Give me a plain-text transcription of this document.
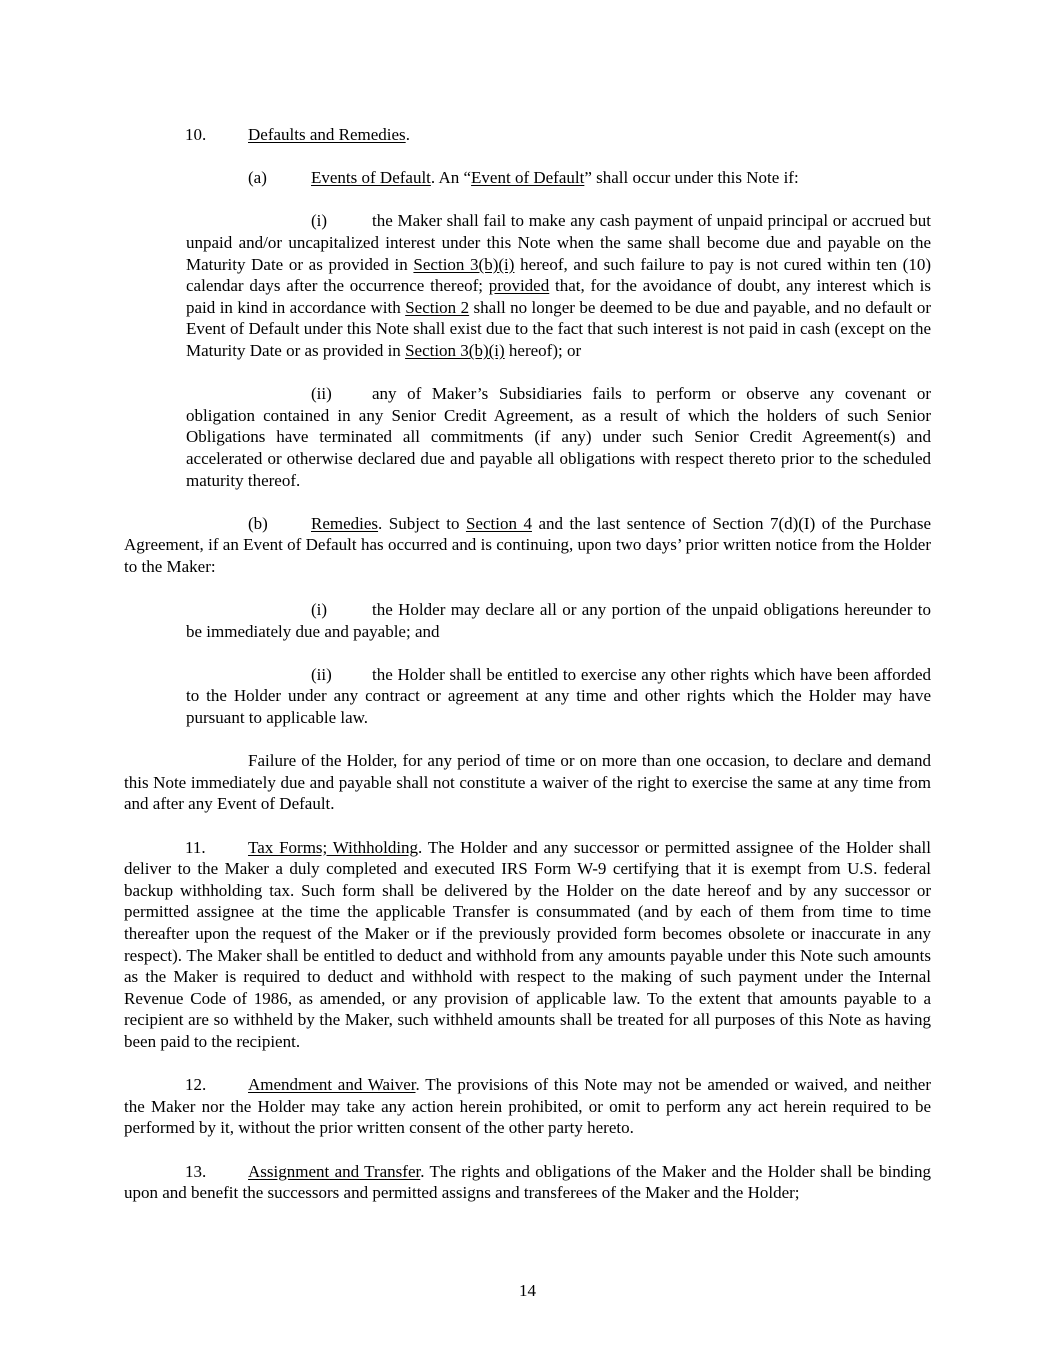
10. Defaults and Remedies.

(a)	Events of Default. An “Event of Default” shall occur under this Note if:

(i)	the Maker shall fail to make any cash payment of unpaid principal or accrued but unpaid and/or uncapitalized interest under this Note when the same shall become due and payable on the Maturity Date or as provided in Section 3(b)(i) hereof, and such failure to pay is not cured within ten (10) calendar days after the occurrence thereof; provided that, for the avoidance of doubt, any interest which is paid in kind in accordance with Section 2 shall no longer be deemed to be due and payable, and no default or Event of Default under this Note shall exist due to the fact that such interest is not paid in cash (except on the Maturity Date or as provided in Section 3(b)(i) hereof); or

(ii) any of Maker’s Subsidiaries fails to perform or observe any covenant or obligation contained in any Senior Credit Agreement, as a result of which the holders of such Senior Obligations have terminated all commitments (if any) under such Senior Credit Agreement(s) and accelerated or otherwise declared due and payable all obligations with respect thereto prior to the scheduled maturity thereof.

(b)	Remedies. Subject to Section 4 and the last sentence of Section 7(d)(I) of the Purchase Agreement, if an Event of Default has occurred and is continuing, upon two days’ prior written notice from the Holder to the Maker:

(i)	the Holder may declare all or any portion of the unpaid obligations hereunder to be immediately due and payable; and

(ii) the Holder shall be entitled to exercise any other rights which have been afforded to the Holder under any contract or agreement at any time and other rights which the Holder may have pursuant to applicable law.

Failure of the Holder, for any period of time or on more than one occasion, to declare and demand this Note immediately due and payable shall not constitute a waiver of the right to exercise the same at any time from and after any Event of Default.

11. Tax Forms; Withholding. The Holder and any successor or permitted assignee of the Holder shall deliver to the Maker a duly completed and executed IRS Form W-9 certifying that it is exempt from U.S. federal backup withholding tax. Such form shall be delivered by the Holder on the date hereof and by any successor or permitted assignee at the time the applicable Transfer is consummated (and by each of them from time to time thereafter upon the request of the Maker or if the previously provided form becomes obsolete or inaccurate in any respect). The Maker shall be entitled to deduct and withhold from any amounts payable under this Note such amounts as the Maker is required to deduct and withhold with respect to the making of such payment under the Internal Revenue Code of 1986, as amended, or any provision of applicable law. To the extent that amounts payable to a recipient are so withheld by the Maker, such withheld amounts shall be treated for all purposes of this Note as having been paid to the recipient.

12. Amendment and Waiver. The provisions of this Note may not be amended or waived, and neither the Maker nor the Holder may take any action herein prohibited, or omit to perform any act herein required to be performed by it, without the prior written consent of the other party hereto.

13. Assignment and Transfer. The rights and obligations of the Maker and the Holder shall be binding upon and benefit the successors and permitted assigns and transferees of the Maker and the Holder;

14
